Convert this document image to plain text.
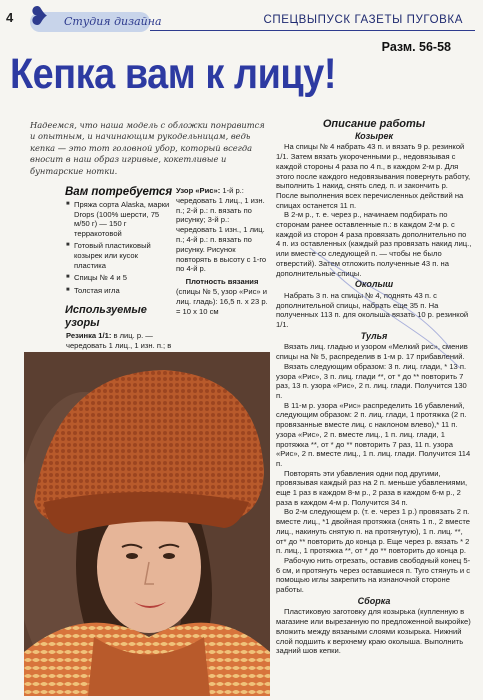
4 ❥ Студия дизайна	СПЕЦВЫПУСК ГАЗЕТЫ ПУГОВКА
Разм. 56-58
Кепка вам к лицу!
Надеемся, что наша модель с обложки понравится и опытным, и начинающим рукодельницам, ведь кепка — это тот головной убор, который всегда вносит в наш образ игривые, кокетливые и бунтарские нотки.
Вам потребуется
■ Пряжа сорта Alaska, марки Drops (100% шерсти, 75 м/50 г) — 150 г терракотовой
■ Готовый пластиковый козырек или кусок пластика
■ Спицы № 4 и 5
■ Толстая игла
Используемые узоры
Резинка 1/1: в лиц. р. — чередовать 1 лиц., 1 изн. п.; в

Узор «Рис»: 1-й р.: чередовать 1 лиц., 1 изн. п.; 2-й р.: п. вязать по рисунку; 3-й р.: чередовать 1 изн., 1 лиц. п.; 4-й р.: п. вязать по рисунку. Рисунок повторять в высоту с 1-го по 4-й р.

Плотность вязания

(спицы № 5, узор «Рис» и лиц. гладь): 16,5 п. х 23 р. = 10 х 10 см

Описание работы
Козырек

На спицы № 4 набрать 43 п. и вязать 9 р. резинкой 1/1. Затем вязать укороченными р., недовязывая с каждой стороны 4 раза по 4 п., в каждом 2-м р. Для этого после каждого недовязывания повернуть работу, выполнить 1 накид, снять след. п. и закончить р. После выполнения всех перечисленных действий на спицах останется 11 п.

В 2-м р., т. е. через р., начинаем подбирать по сторонам ранее оставленные п.: в каждом 2-м р. с каждой из сторон 4 раза провязать дополнительно по 4 п. из оставленных (каждый раз провязать накид лиц., или вместе со следующей п. — чтобы не было отверстий). Затем отложить полученные 43 п. на дополнительные спицы.

Околыш

Набрать 3 п. на спицы № 4, поднять 43 п. с дополнительной спицы, набрать еще 35 п. На полученных 113 п. для околыша вязать 10 р. резинкой 1/1.

Тулья

Вязать лиц. гладью и узором «Мелкий рис», сменив спицы на № 5, распределив в 1-м р. 17 прибавлений.

Вязать следующим образом: 3 п. лиц. глади, * 13 п. узора «Рис», 3 п. лиц. глади **, от * до ** повторить 7 раз, 13 п. узора «Рис», 2 п. лиц. глади. Получится 130 п.

В 11-м р. узора «Рис» распределить 16 убавлений, следующим образом: 2 п. лиц. глади, 1 протяжка (2 п. провязанные вместе лиц. с наклоном влево),* 11 п. узора «Рис», 2 п. вместе лиц., 1 п. лиц. глади, 1 протяжка **, от * до ** повторить 7 раз, 11 п. узора «Рис», 2 п. вместе лиц., 1 п. лиц. глади. Получится 114 п.

Повторять эти убавления одни под другими, провязывая каждый раз на 2 п. меньше убавлениями, еще 1 раз в каждом 8-м р., 2 раза в каждом 6-м р., 2 раза в каждом 4-м р. Получится 34 п.

Во 2-м следующем р. (т. е. через 1 р.) провязать 2 п. вместе лиц., *1 двойная протяжка (снять 1 п., 2 вместе лиц., накинуть снятую п. на протянутую), 1 п. лиц. **, от* до ** повторить до конца р. Еще через р. вязать * 2 п. лиц., 1 протяжка **, от * до ** повторить до конца р.

Рабочую нить отрезать, оставив свободный конец 5-6 см, и протянуть через оставшиеся п. Туго стянуть и с помощью иглы закрепить на изнаночной стороне работы.

Сборка

Пластиковую заготовку для козырька (купленную в магазине или вырезанную по предложенной выкройке) вложить между вязаными слоями козырька. Нижний слой подшить к верхнему краю околыша. Выполнить задний шов кепки.
